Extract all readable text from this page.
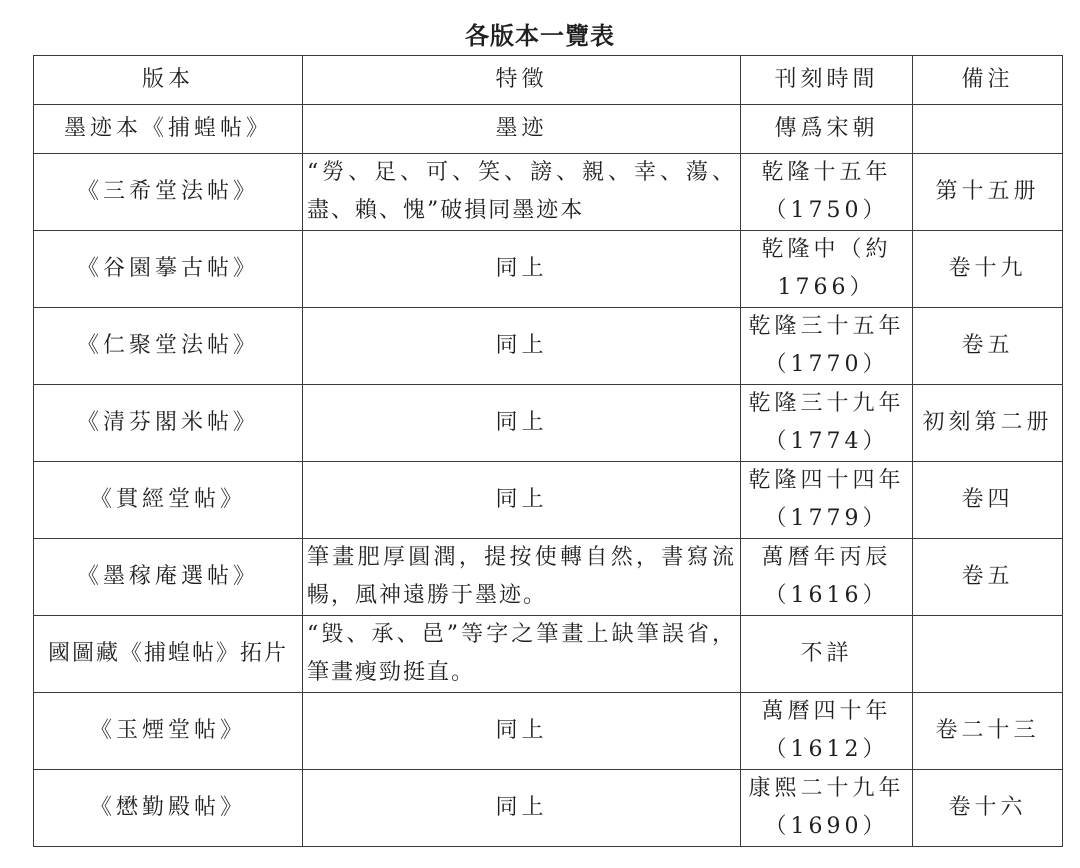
各版本一覽表
版本	特徵	刊刻時間	備注
墨迹本《捕蝗帖》	墨迹	傳爲宋朝	
《三希堂法帖》	“勞、足、可、笑、謗、親、幸、蕩、盡、賴、愧”破損同墨迹本	乾隆十五年（1750）	第十五册
《谷園摹古帖》	同上	乾隆中（約1766）	卷十九
《仁聚堂法帖》	同上	乾隆三十五年（1770）	卷五
《清芬閣米帖》	同上	乾隆三十九年（1774）	初刻第二册
《貫經堂帖》	同上	乾隆四十四年（1779）	卷四
《墨稼庵選帖》	筆畫肥厚圓潤，提按使轉自然，書寫流暢，風神遠勝于墨迹。	萬曆年丙辰（1616）	卷五
國圖藏《捕蝗帖》拓片	“毀、承、邑”等字之筆畫上缺筆誤省，筆畫瘦勁挺直。	不詳	
《玉煙堂帖》	同上	萬曆四十年（1612）	卷二十三
《懋勤殿帖》	同上	康熙二十九年（1690）	卷十六
